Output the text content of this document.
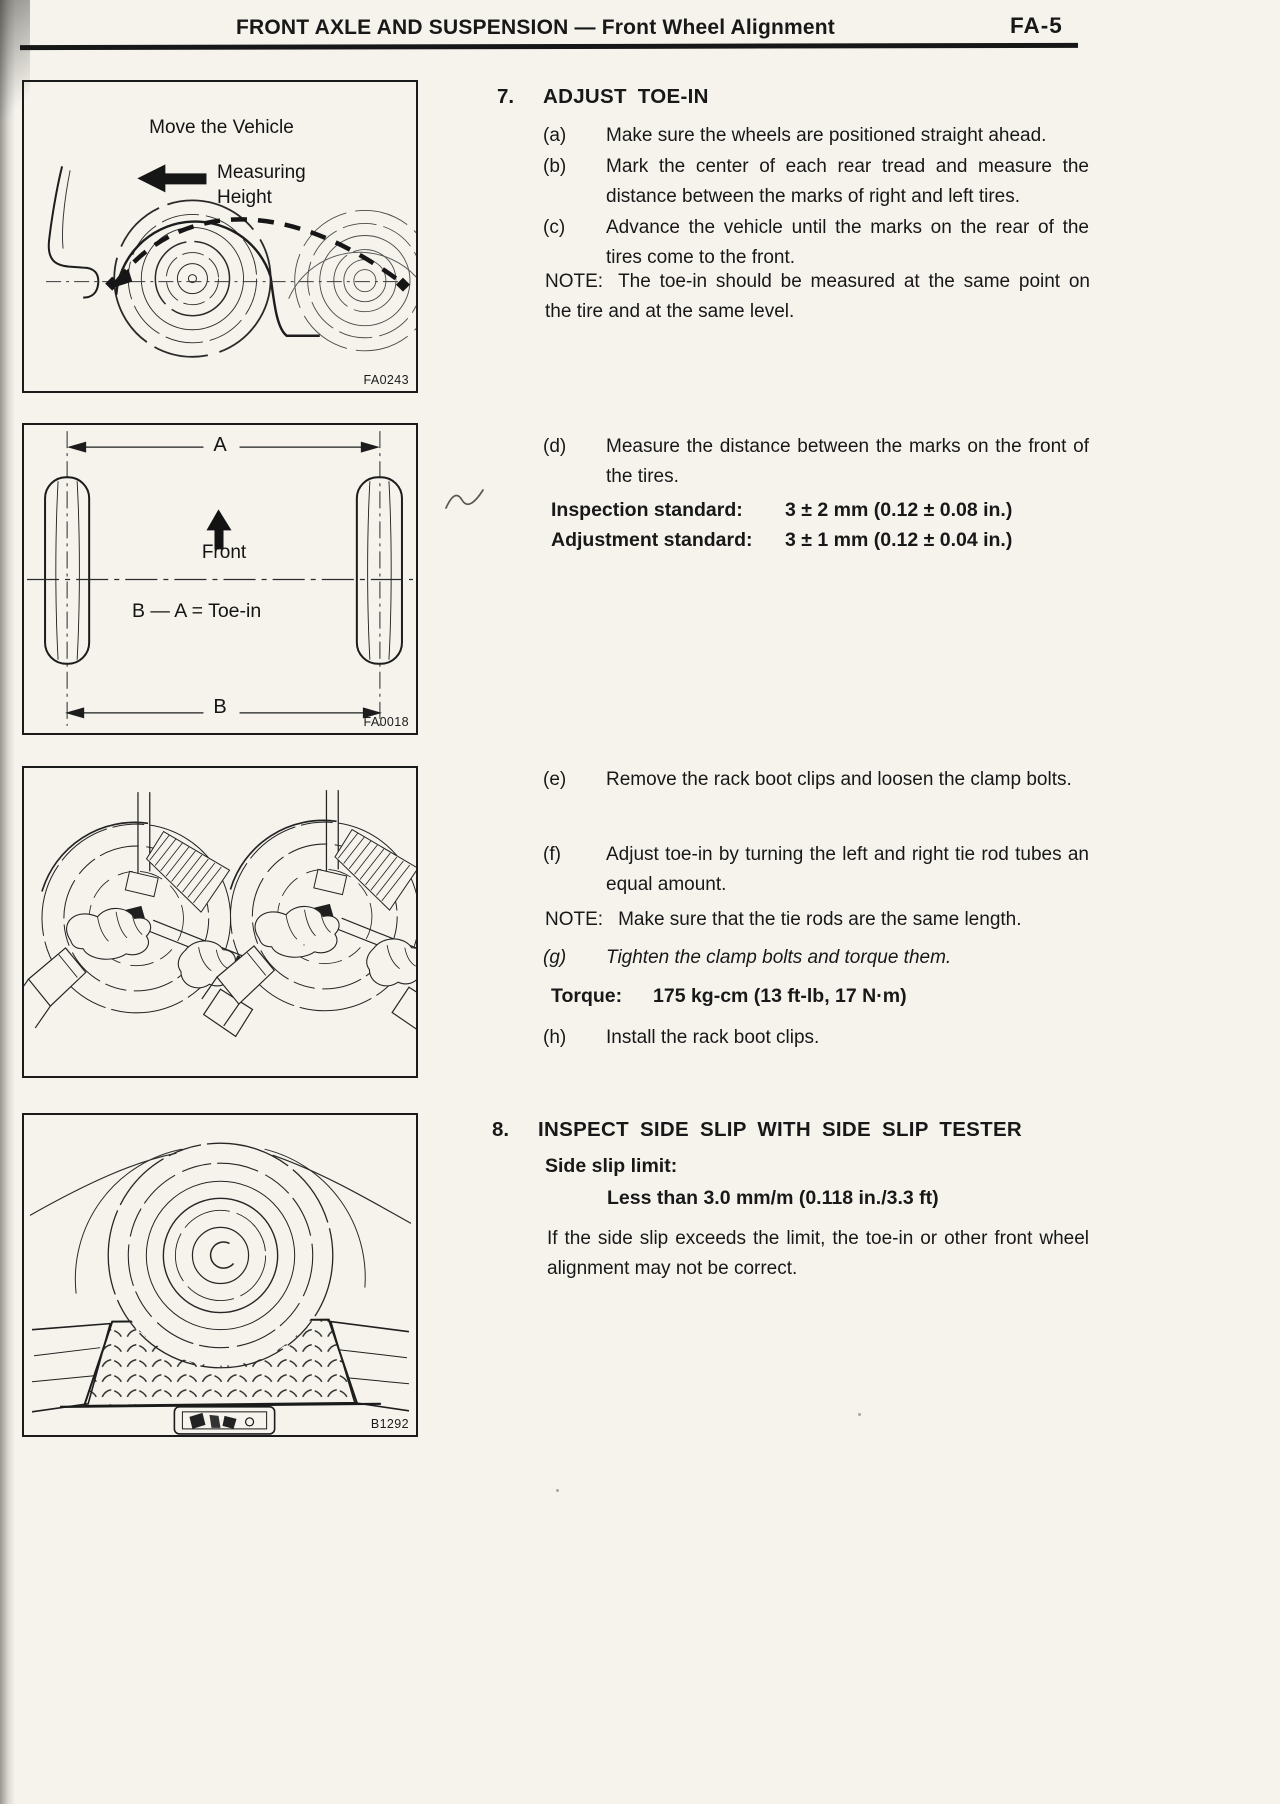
FRONT AXLE AND SUSPENSION — Front Wheel Alignment	FA-5
Move the Vehicle
Measuring
Height
FA0243
A
Front
B — A = Toe-in
B
FA0018
B1292
7.	ADJUST TOE-IN
(a)	Make sure the wheels are positioned straight ahead.
(b)	Mark the center of each rear tread and measure the distance between the marks of right and left tires.
(c)	Advance the vehicle until the marks on the rear of the tires come to the front.
NOTE: The toe-in should be measured at the same point on the tire and at the same level.
(d)	Measure the distance between the marks on the front of the tires.
Inspection standard:	3 ± 2 mm (0.12 ± 0.08 in.)
Adjustment standard:	3 ± 1 mm (0.12 ± 0.04 in.)
(e)	Remove the rack boot clips and loosen the clamp bolts.
(f)	Adjust toe-in by turning the left and right tie rod tubes an equal amount.
NOTE: Make sure that the tie rods are the same length.
(g)	Tighten the clamp bolts and torque them.
Torque:	175 kg-cm (13 ft-lb, 17 N·m)
(h)	Install the rack boot clips.
8.	INSPECT SIDE SLIP WITH SIDE SLIP TESTER
Side slip limit:
Less than 3.0 mm/m (0.118 in./3.3 ft)
If the side slip exceeds the limit, the toe-in or other front wheel alignment may not be correct.
